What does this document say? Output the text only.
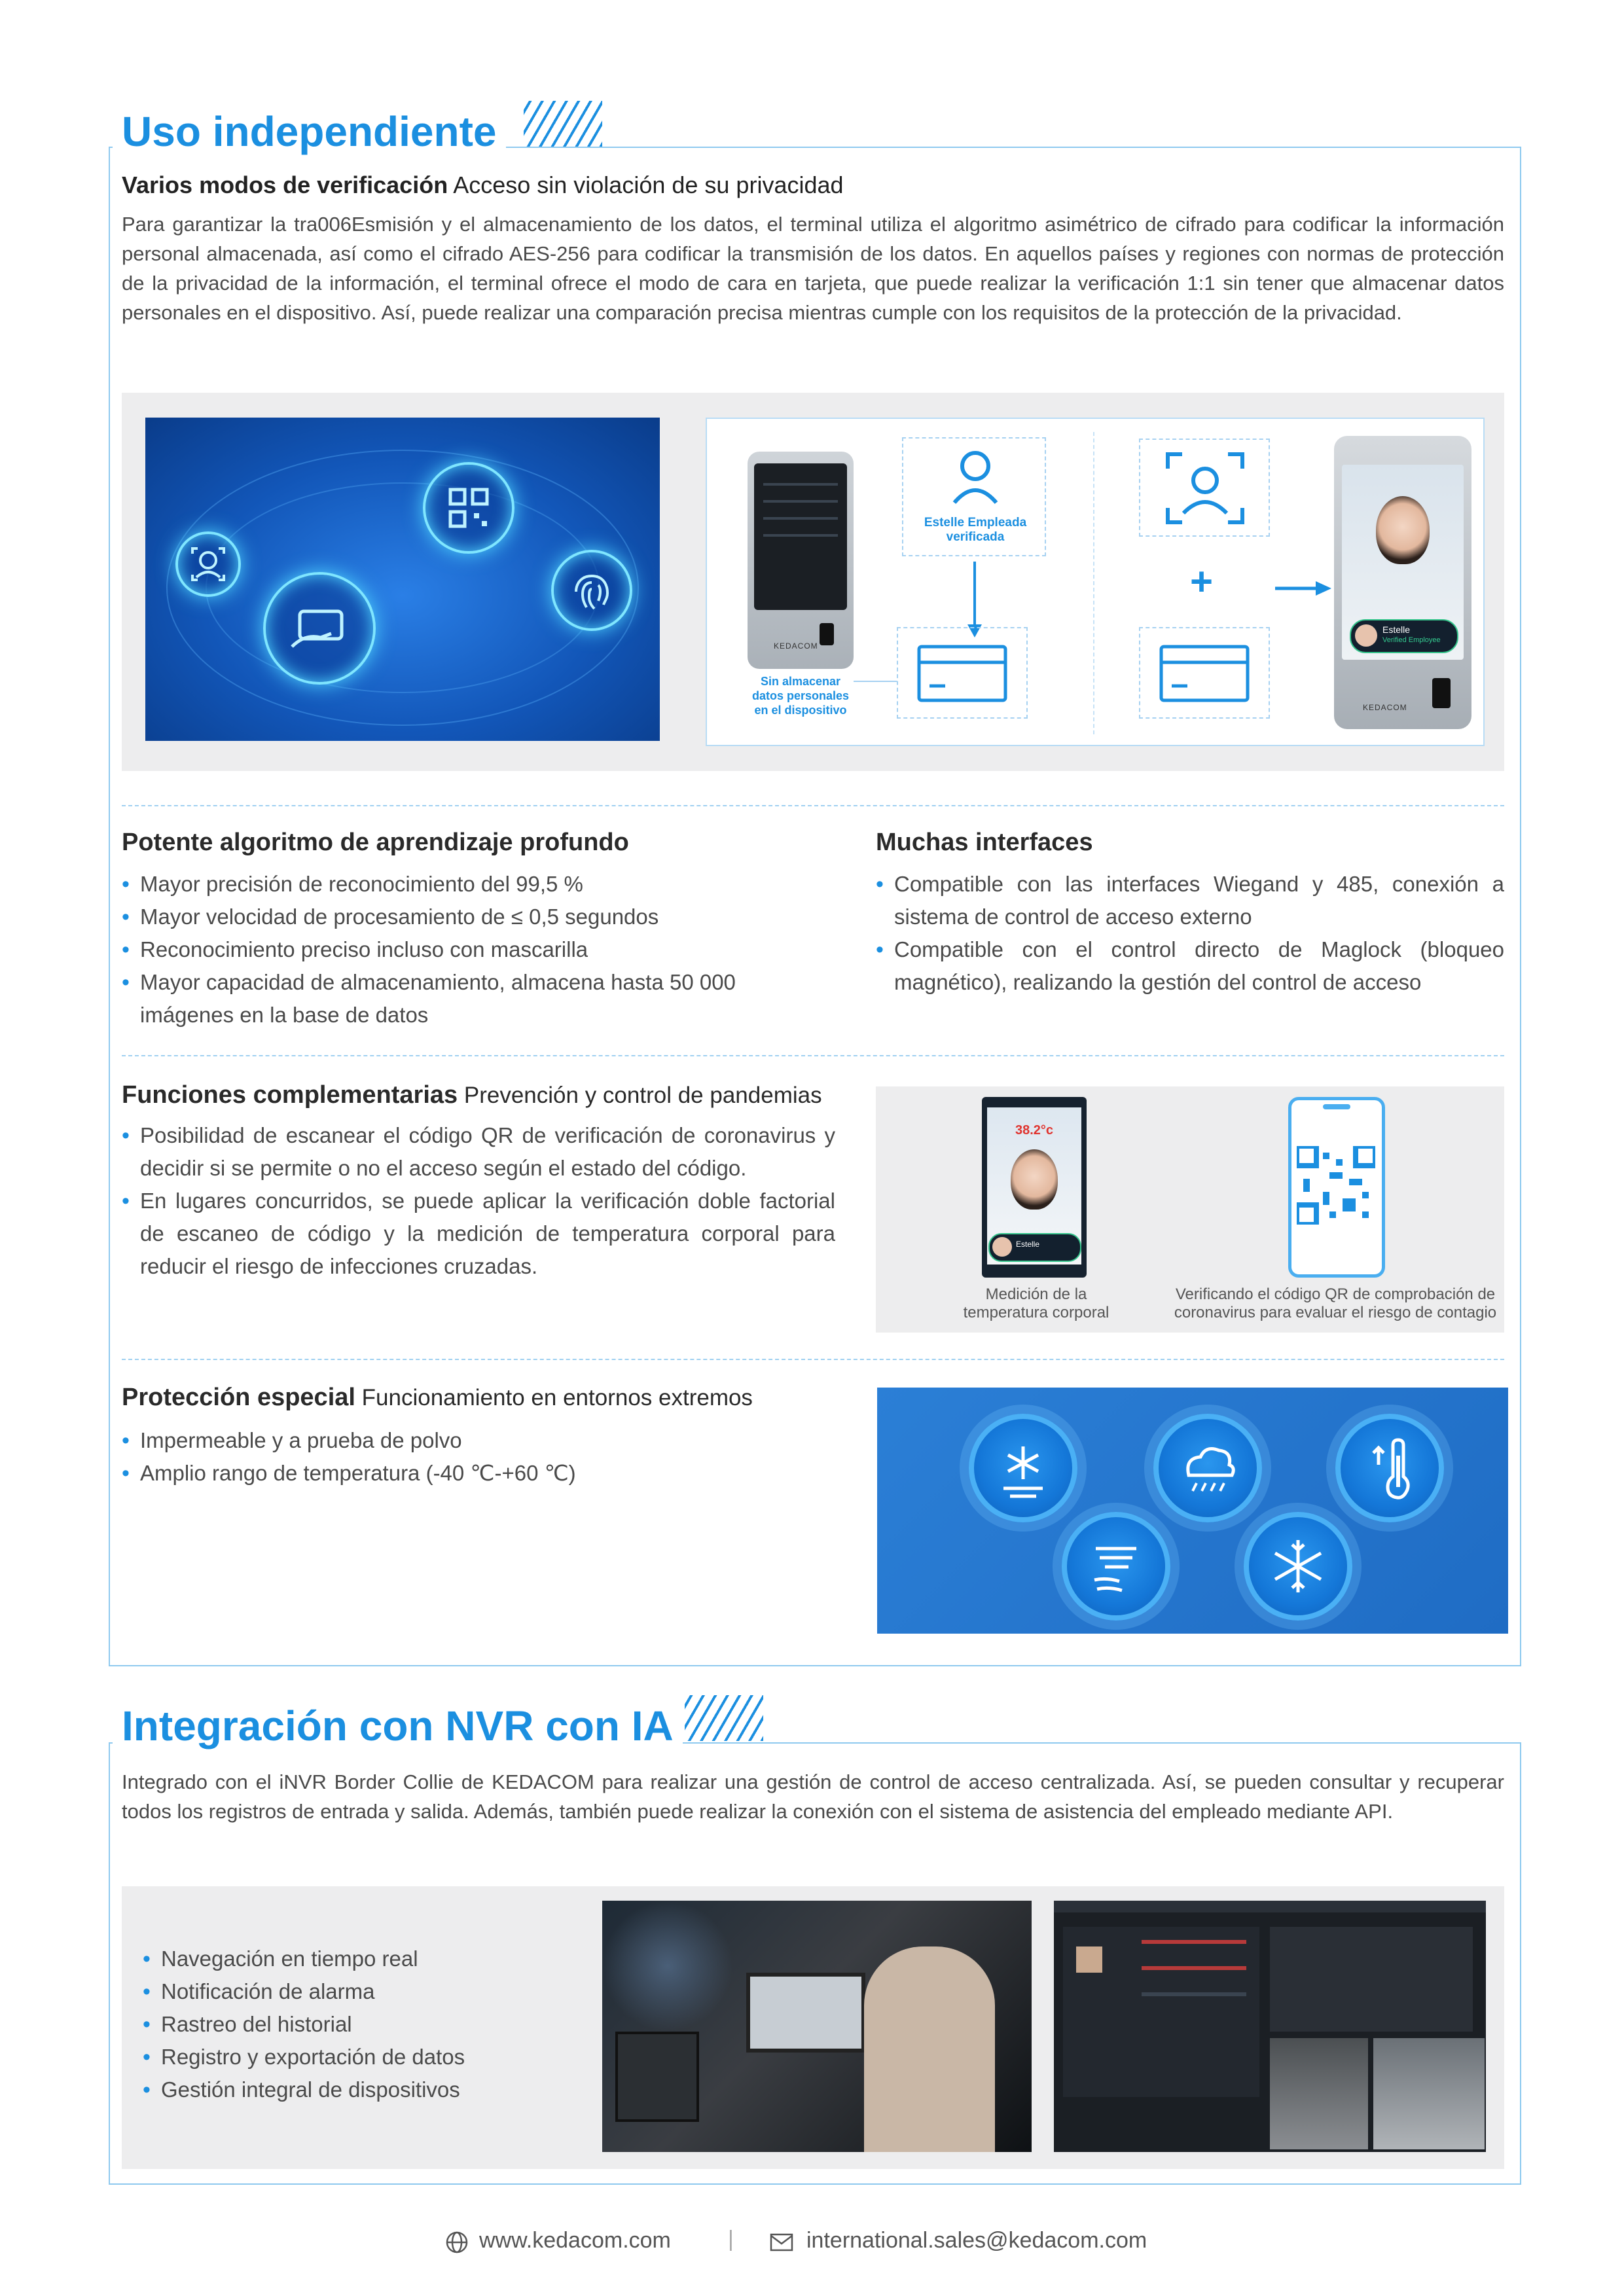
Uso independiente
Varios modos de verificación Acceso sin violación de su privacidad
Para garantizar la tra006Esmisión y el almacenamiento de los datos, el terminal utiliza el algoritmo asimétrico de cifrado para codificar la información personal almacenada, así como el cifrado AES-256 para codificar la transmisión de los datos. En aquellos países y regiones con normas de protección de la privacidad de la información, el terminal ofrece el modo de cara en tarjeta, que puede realizar la verificación 1:1 sin tener que almacenar datos personales en el dispositivo. Así, puede realizar una comparación precisa mientras cumple con los requisitos de la protección de la privacidad.
KEDACOM
Sin almacenar datos personales en el dispositivo
Estelle Empleada verificada
+
Estelle
Verified Employee
KEDACOM
Potente algoritmo de aprendizaje profundo
• Mayor precisión de reconocimiento del 99,5 %
• Mayor velocidad de procesamiento de ≤ 0,5 segundos
• Reconocimiento preciso incluso con mascarilla
• Mayor capacidad de almacenamiento, almacena hasta 50 000 imágenes en la base de datos
Muchas interfaces
• Compatible con las interfaces Wiegand y 485, conexión a sistema de control de acceso externo
• Compatible con el control directo de Maglock (bloqueo magnético), realizando la gestión del control de acceso
Funciones complementarias Prevención y control de pandemias
• Posibilidad de escanear el código QR de verificación de coronavirus y decidir si se permite o no el acceso según el estado del código.
• En lugares concurridos, se puede aplicar la verificación doble factorial de escaneo de código y la medición de temperatura corporal para reducir el riesgo de infecciones cruzadas.
38.2°c
Estelle
Medición de la temperatura corporal
Verificando el código QR de comprobación de coronavirus para evaluar el riesgo de contagio
Protección especial Funcionamiento en entornos extremos
• Impermeable y a prueba de polvo
• Amplio rango de temperatura (-40 ℃-+60 ℃)
Integración con NVR con IA
Integrado con el iNVR Border Collie de KEDACOM para realizar una gestión de control de acceso centralizada. Así, se pueden consultar y recuperar todos los registros de entrada y salida. Además, también puede realizar la conexión con el sistema de asistencia del empleado mediante API.
• Navegación en tiempo real
• Notificación de alarma
• Rastreo del historial
• Registro y exportación de datos
• Gestión integral de dispositivos
www.kedacom.com	|	international.sales@kedacom.com
